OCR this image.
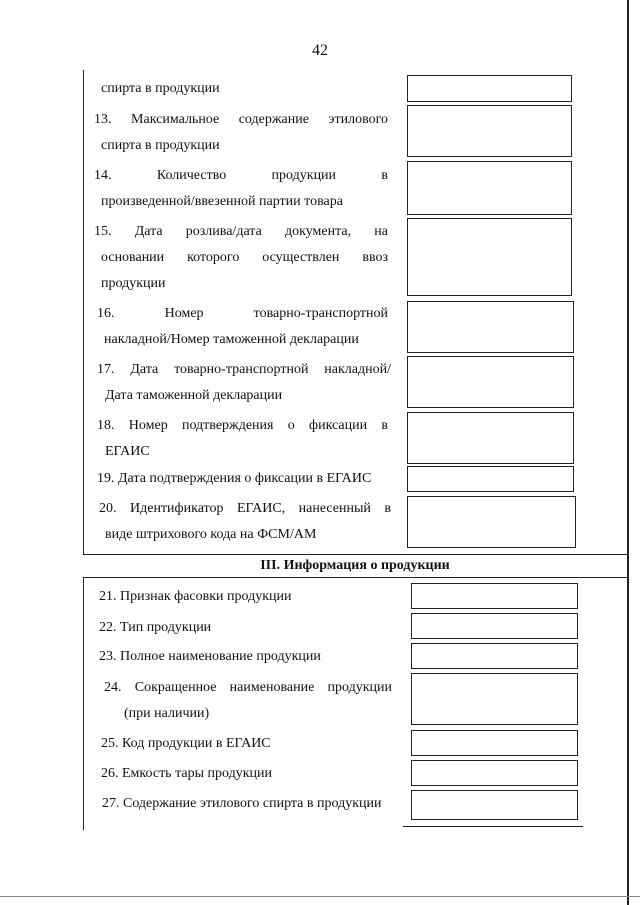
42
спирта в продукции
13. Максимальное содержание этилового
спирта в продукции
14. Количество продукции в
произведенной/ввезенной партии товара
15. Дата розлива/дата документа, на
основании которого осуществлен ввоз
продукции
16. Номер товарно-транспортной
накладной/Номер таможенной декларации
17. Дата товарно-транспортной накладной/
Дата таможенной декларации
18. Номер подтверждения о фиксации в
ЕГАИС
19. Дата подтверждения о фиксации в ЕГАИС
20. Идентификатор ЕГАИС, нанесенный в
виде штрихового кода на ФСМ/АМ
III. Информация о продукции
21. Признак фасовки продукции
22. Тип продукции
23. Полное наименование продукции
24. Сокращенное наименование продукции
(при наличии)
25. Код продукции в ЕГАИС
26. Емкость тары продукции
27. Содержание этилового спирта в продукции
